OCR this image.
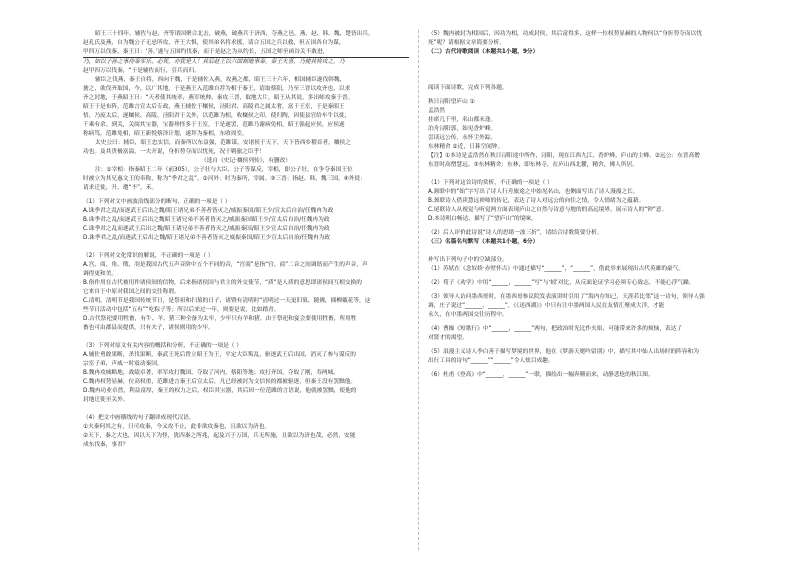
昭王三十四年，辅佐与赵、齐等诸国聚合北击，破燕，破燕兵于济西，夺燕之邑，燕、赵、韩、魏、楚皆出兵。
赵孔氏及燕，自为魏公子无忌所攻，齐王大惧，使其弟名将求援，请合五国之兵以救，但五国各自为谋，
甲四万以伐秦，秦王曰：‘善。’遂与五国约伐秦，而于是赵之为从约长，五国之师至函谷关不敢进，
乃，如以子孙之事侍秦军乐，必死，亦犹是人！其后赵王以六国割地事秦，秦王大喜，乃使其将攻之，乃
赵甲四万以伐秦，“于是辅佐而行，引兵而归。
辅臣之伐燕，秦王自将，西向于魏，于是辅佐入燕，攻燕之都，昭王三十六年，相国辅臣遂伐韩魏，
掳之，欲伐齐取国，今，以广其地，于是燕王入范雎自荐为相于秦王，请取蔡阳，乃至三晋以攻齐也，以求
齐之封地，于燕昭王曰：“天者使其统率，燕军统帅，秦攻三晋，取地大片，昭王从其说，多出师攻秦于晋。
昭王于是布阵，范雎言宣太后专政，燕王辅佐于穰侯，泾阳君、高陵君之属太奢，富于王室，于是秦昭王
悟，乃废太后，逐穰侯、高陵、泾阳君于关外，以范雎为相，收穰侯之印，使归陶，因使县官给车牛以徙，
千乘有余。到关，关阅其宝器，宝器珍怪多于王室，于是遂罢，范雎乃谢病免相，昭王强起应侯，应侯遂
称病笃，范雎免相，昭王新悦蔡泽计划，遂拜为秦相，东收周室。
太史公曰：辅臣，昭王忠实信，而秦所以东益强，范睢谋，安诸侯于天下，天下皆西乡稽首者，穰侯之
功也。及其贵极富溢，一夫开说，身折势夺而以忧死，况于羁旅之臣乎！
（选自《史记·穰侯列传》，有删改）
注：①宰相：指秦昭王二年（前305），公子壮与大臣、公子等谋反，宰相，即公子壮，在争夺秦国王位
时被立为其兄惠文王的奉称，称为“季君之乱”。②河外：时为秦所，宰属。③三晋：指赵、韩、魏三国。④外徙：
请求迁徙，升，遭“不”，禾。
（1）下列对文中画波浪线部分的断句，正确的一项是（ ）
A.诛季君之乱/而逐武王后出之魏/昭王诸兄弟不善者皆灭之/威振秦国/昭王少/宣太后自治/任魏冉为政
B.诛季君之乱/而逐武王后出之魏昭王诸兄弟不善者皆灭之/威振秦国昭王少/宣太后自治/任魏冉为政
C.诛季君之乱而逐武王后出之魏/昭王诸兄弟不善者皆灭之/威振秦国/昭王少宣太后自治/任魏冉为政
D.诛季君之乱/而逐武王后出之魏/昭王诸兄弟不善者皆灭之威振秦国/昭王少宣太后自治/任魏冉为政
（2）下列对文化常识的解说，不正确的一项是（ ）
A.宫、商、角、徵、羽是我国古代五声音阶中五个不同的音，“宫商”是指“宫、商”二音之间调谐而产生的声音，声
调得更和美。
B.俗作用在古代被用作诸侯间的信物，后来指诸侯国与君主的外交使节，“质”是人质的意思即诸侯间互相交换的
它来自于中原对我国之间的交往称谓。
C.清明，清明节是我国传统节日，是祭祖和扫墓的日子，诸暨有清明时“清明过一天更旧墓，随佛，插柳戴花等，这
些节日活动中包括“五有”“吃粽子等；所以后来过一年，则要是说，比如踏青。
D.古代祭祀要用牲畜，有牛、羊、猪三种全备为太牢，少牢只有羊和猪。由于祭祀和宴会要使用牲畜，所用牲
畜也可由郡县而提供，只有夫子，诸侯则用的少牢。
（3）下列对原文有关内容的概括和分析，不正确的一项是（ ）
A.辅佐勇敢果断，杀伐果断，秦武王死后曾立昭王为王，平定大臣叛乱，驱逐武王后出国，消灭了参与谋反的
宗室子弟，声威一时震动秦国。
B.魏冉攻城略地，战绩卓著，率军攻打魏国，夺取了河内，蔡阳等地；攻打齐国，夺取了刚，寿两城。
C.魏冉权势显赫，位高权重，范雎进言秦王后宣太后，凡已经被封为文信侯的都被驱逐，但秦王没有罢黜他。
D.魏冉功业卓然，利益富厚，秦王的权力之后，权臣其宝器，其后因一位范雎的言语说，他就被罢黜，使他的
封地迁徙至关外。
（4）把文中画横线的句子翻译成现代汉语。
①夫秦何其之有，只可攻秦，今又攻不止，此非欲攻秦也，且欲以为济也。
②天下，秦之大也，因以天下为怪，犹四秦之所兆，起及兴于万国，兵无所施，且欲以为济也哉，必然，安能
成东伐秦，事君？
（5）魏冉被封为相国后，因功为相，功成封侯，其后富得多，这样一位权势显赫的人物何以“身折势夺而以忧
死”呢？请根据文章简要分析。
（二）古代诗歌阅读（本题共1小题，9分）
阅读下面诗歌，完成下列各题。
秋日浔阳望庐山 ①
孟浩然
挂席几千里，名山都未逢。
泊舟浔阳郭，始见香炉峰。
尝读远公传，永怀尘外踪。
东林精舍 ②近，日暮空闻钟。
【注】①本诗是孟浩然在秋日浔阳途中所作，浔阳，现在江西九江，香炉峰，庐山的主峰。②远公：东晋高僧
东晋时高僧慧远。③东林精舍：东林，即东林寺，在庐山西北麓，精舍，佛人所居。
（1）下列对这首诗的赏析，不正确的一项是（ ）
A.颔联中的“始”字写出了诗人行舟旅途之中始见名山，也侧面写出了诗人漫漫之长。
B.颈联诗人借读慧远禅师的传记，表达了诗人对远公的向往之情，令人情绪为之蕴藉。
C.尾联诗人从视觉与听觉两方面表现庐山之自然与诗意与地的的高远境界，展示诗人的“钟”意。
D.本诗明白畅达、描写了“望庐山”的境味。
（2）后人评价此诗说“诗人的思绪一波三折”，请结合诗歌简要分析。
（三）名篇名句默写（本题共1小题，6分）
补写出下列句子中的空缺部分。
（1）苏轼在《念奴娇·赤壁怀古》中通过描写“______”，“______”，借此举来展现出古代英雄的豪气。
（2）荀子《劝学》中用“______，______”写“与‘蚓’对比，从反面论证学习必须专心致志，不能心浮气躁。
（3）领导人访问墨西哥时，在墨西哥参议院发表演讲时引用了“海内存知己，天涯若比邻”这一诗句，领导人强
调，庄子说过“______，______”，《《送西湖》》中只有让中墨两国人民在友情汇聚成大洋，才能
永久，在中墨两国交往历程中。
（4）曹操《短歌行》中“______，______”两句，把政治时光比作火焰、可能带来许多的烦恼，表达了
对贤才的渴望。
（5）浪漫主义诗人李白善于描写梦境的世界，他在《梦游天姥吟留别》中，描写其中仙人出场时的阵容和为
出行工具的诗句“______”“______”令人炫目成趣。
（6）杜甫《登高》中“______，______”一联，描绘出一幅奔腾而来，动静悲怆的秋江图。
